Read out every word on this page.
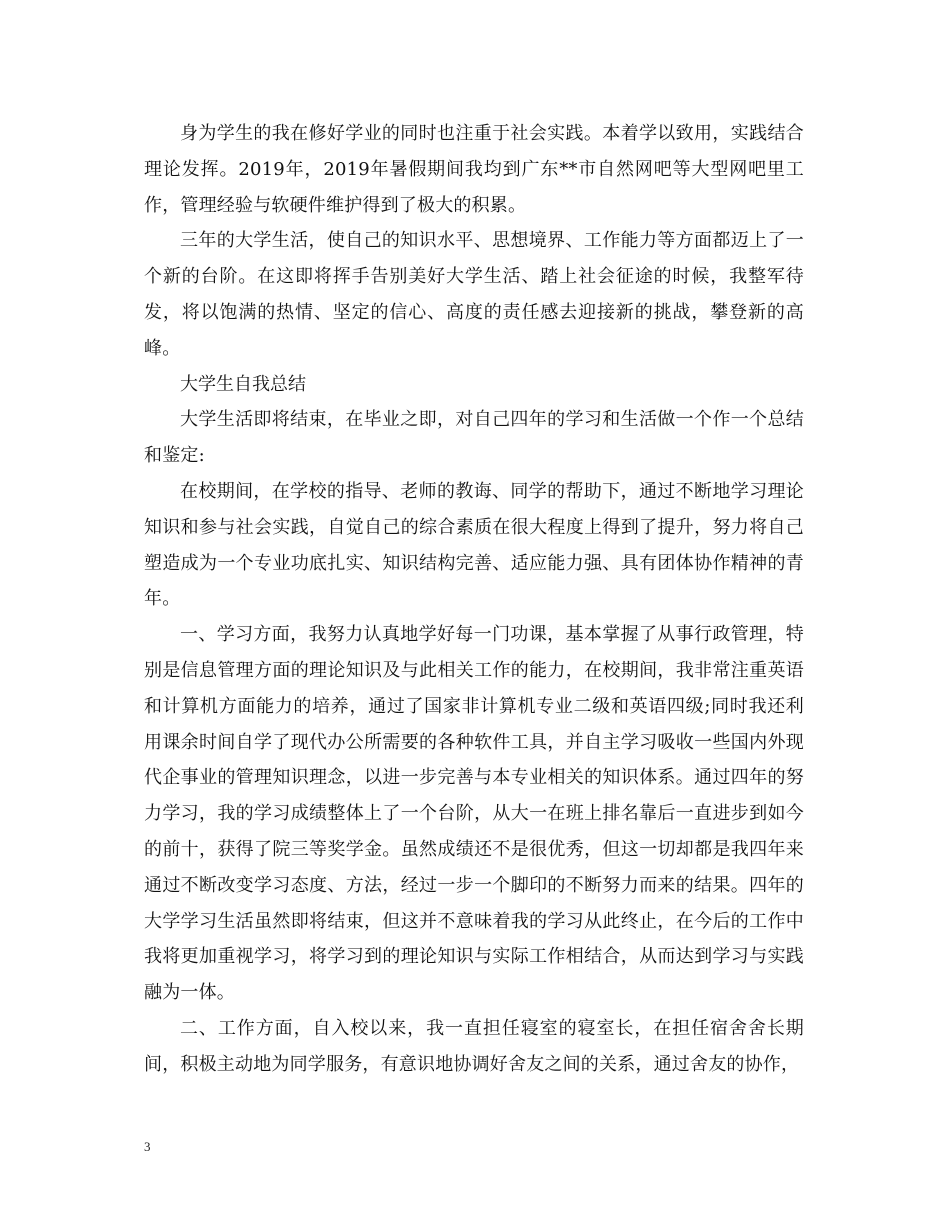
身为学生的我在修好学业的同时也注重于社会实践。本着学以致用，实践结合理论发挥。2019年，2019年暑假期间我均到广东**市自然网吧等大型网吧里工作，管理经验与软硬件维护得到了极大的积累。

三年的大学生活，使自己的知识水平、思想境界、工作能力等方面都迈上了一个新的台阶。在这即将挥手告别美好大学生活、踏上社会征途的时候，我整军待发，将以饱满的热情、坚定的信心、高度的责任感去迎接新的挑战，攀登新的高峰。

大学生自我总结

大学生活即将结束，在毕业之即，对自己四年的学习和生活做一个作一个总结和鉴定:

在校期间，在学校的指导、老师的教诲、同学的帮助下，通过不断地学习理论知识和参与社会实践，自觉自己的综合素质在很大程度上得到了提升，努力将自己塑造成为一个专业功底扎实、知识结构完善、适应能力强、具有团体协作精神的青年。

一、学习方面，我努力认真地学好每一门功课，基本掌握了从事行政管理，特别是信息管理方面的理论知识及与此相关工作的能力，在校期间，我非常注重英语和计算机方面能力的培养，通过了国家非计算机专业二级和英语四级;同时我还利用课余时间自学了现代办公所需要的各种软件工具，并自主学习吸收一些国内外现代企事业的管理知识理念，以进一步完善与本专业相关的知识体系。通过四年的努力学习，我的学习成绩整体上了一个台阶，从大一在班上排名靠后一直进步到如今的前十，获得了院三等奖学金。虽然成绩还不是很优秀，但这一切却都是我四年来通过不断改变学习态度、方法，经过一步一个脚印的不断努力而来的结果。四年的大学学习生活虽然即将结束，但这并不意味着我的学习从此终止，在今后的工作中我将更加重视学习，将学习到的理论知识与实际工作相结合，从而达到学习与实践融为一体。

二、工作方面，自入校以来，我一直担任寝室的寝室长，在担任宿舍舍长期间，积极主动地为同学服务，有意识地协调好舍友之间的关系，通过舍友的协作，

3
